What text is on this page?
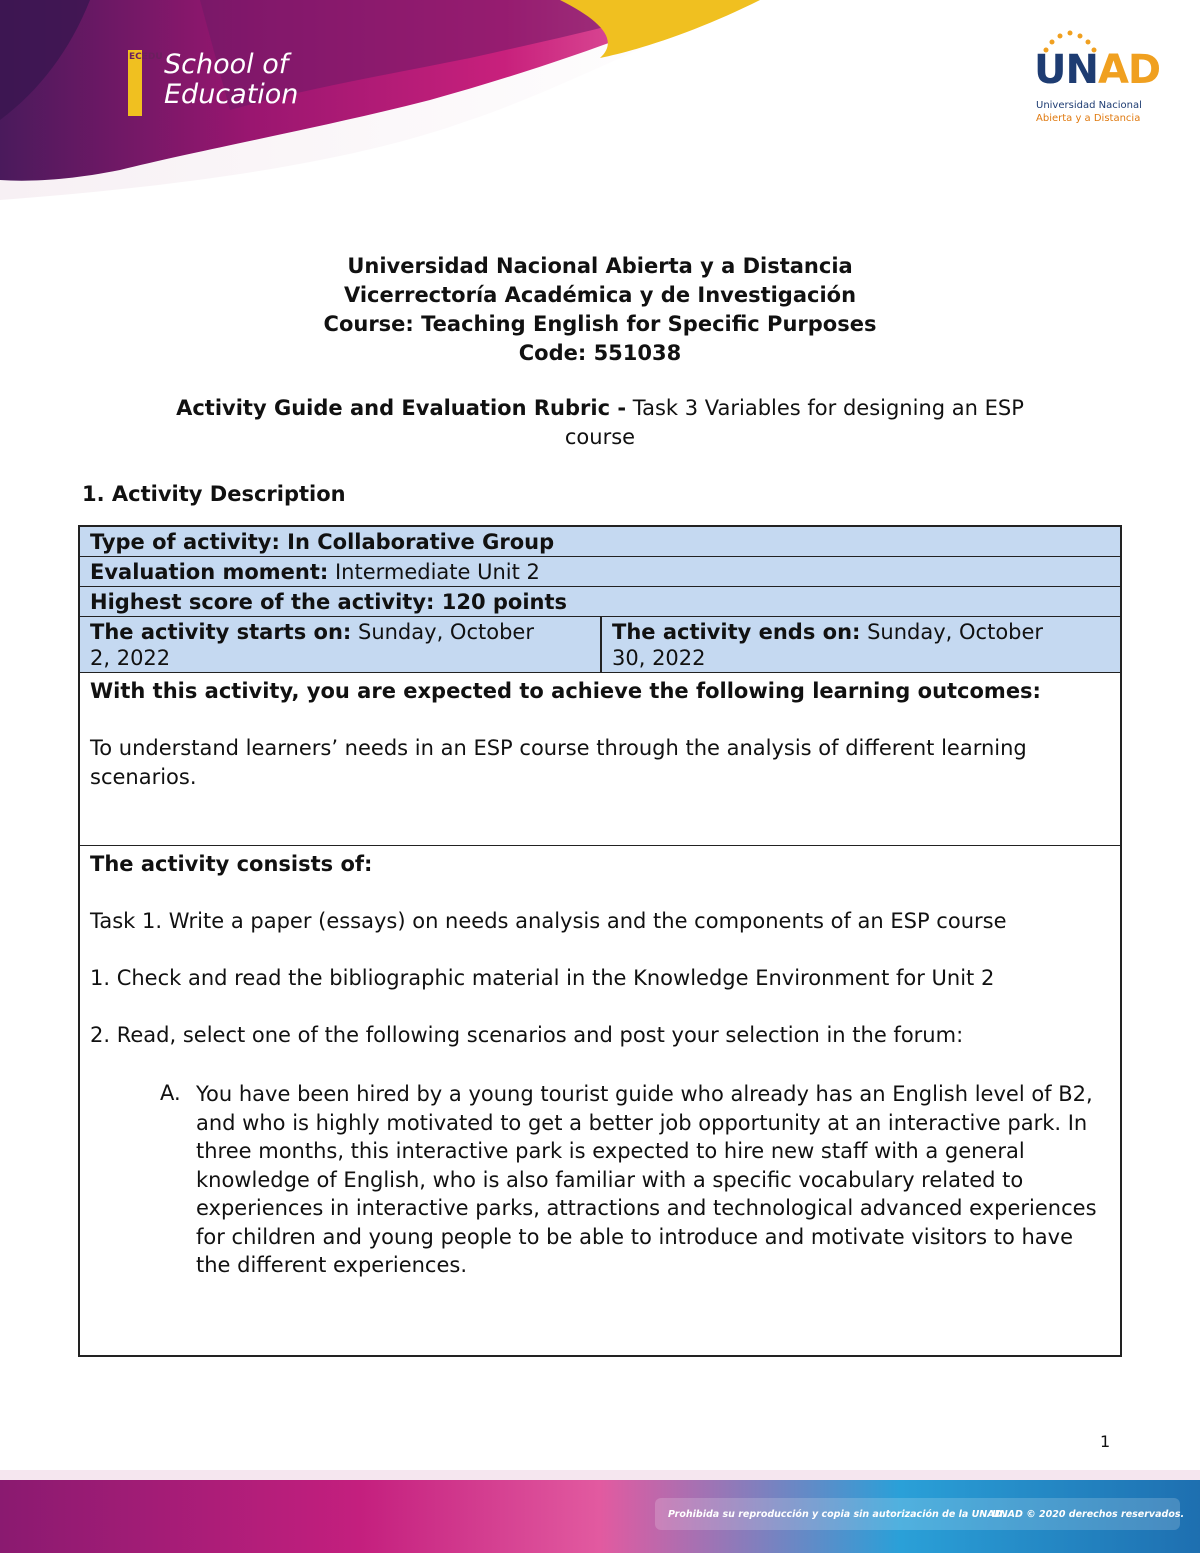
ECEDU School of
Education
UNAD
Universidad Nacional
Abierta y a Distancia
Universidad Nacional Abierta y a Distancia
Vicerrectoría Académica y de Investigación
Course: Teaching English for Specific Purposes
Code: 551038
Activity Guide and Evaluation Rubric - Task 3 Variables for designing an ESP
course
1. Activity Description
Type of activity: In Collaborative Group
Evaluation moment: Intermediate Unit 2
Highest score of the activity: 120 points
The activity starts on: Sunday, October
2, 2022
The activity ends on: Sunday, October
30, 2022

With this activity, you are expected to achieve the following learning outcomes:

To understand learners’ needs in an ESP course through the analysis of different learning scenarios.

The activity consists of:

Task 1. Write a paper (essays) on needs analysis and the components of an ESP course

1. Check and read the bibliographic material in the Knowledge Environment for Unit 2

2. Read, select one of the following scenarios and post your selection in the forum:

A. You have been hired by a young tourist guide who already has an English level of B2, and who is highly motivated to get a better job opportunity at an interactive park. In three months, this interactive park is expected to hire new staff with a general knowledge of English, who is also familiar with a specific vocabulary related to experiences in interactive parks, attractions and technological advanced experiences for children and young people to be able to introduce and motivate visitors to have the different experiences.
1
Prohibida su reproducción y copia sin autorización de la UNAD.
UNAD © 2020 derechos reservados.
